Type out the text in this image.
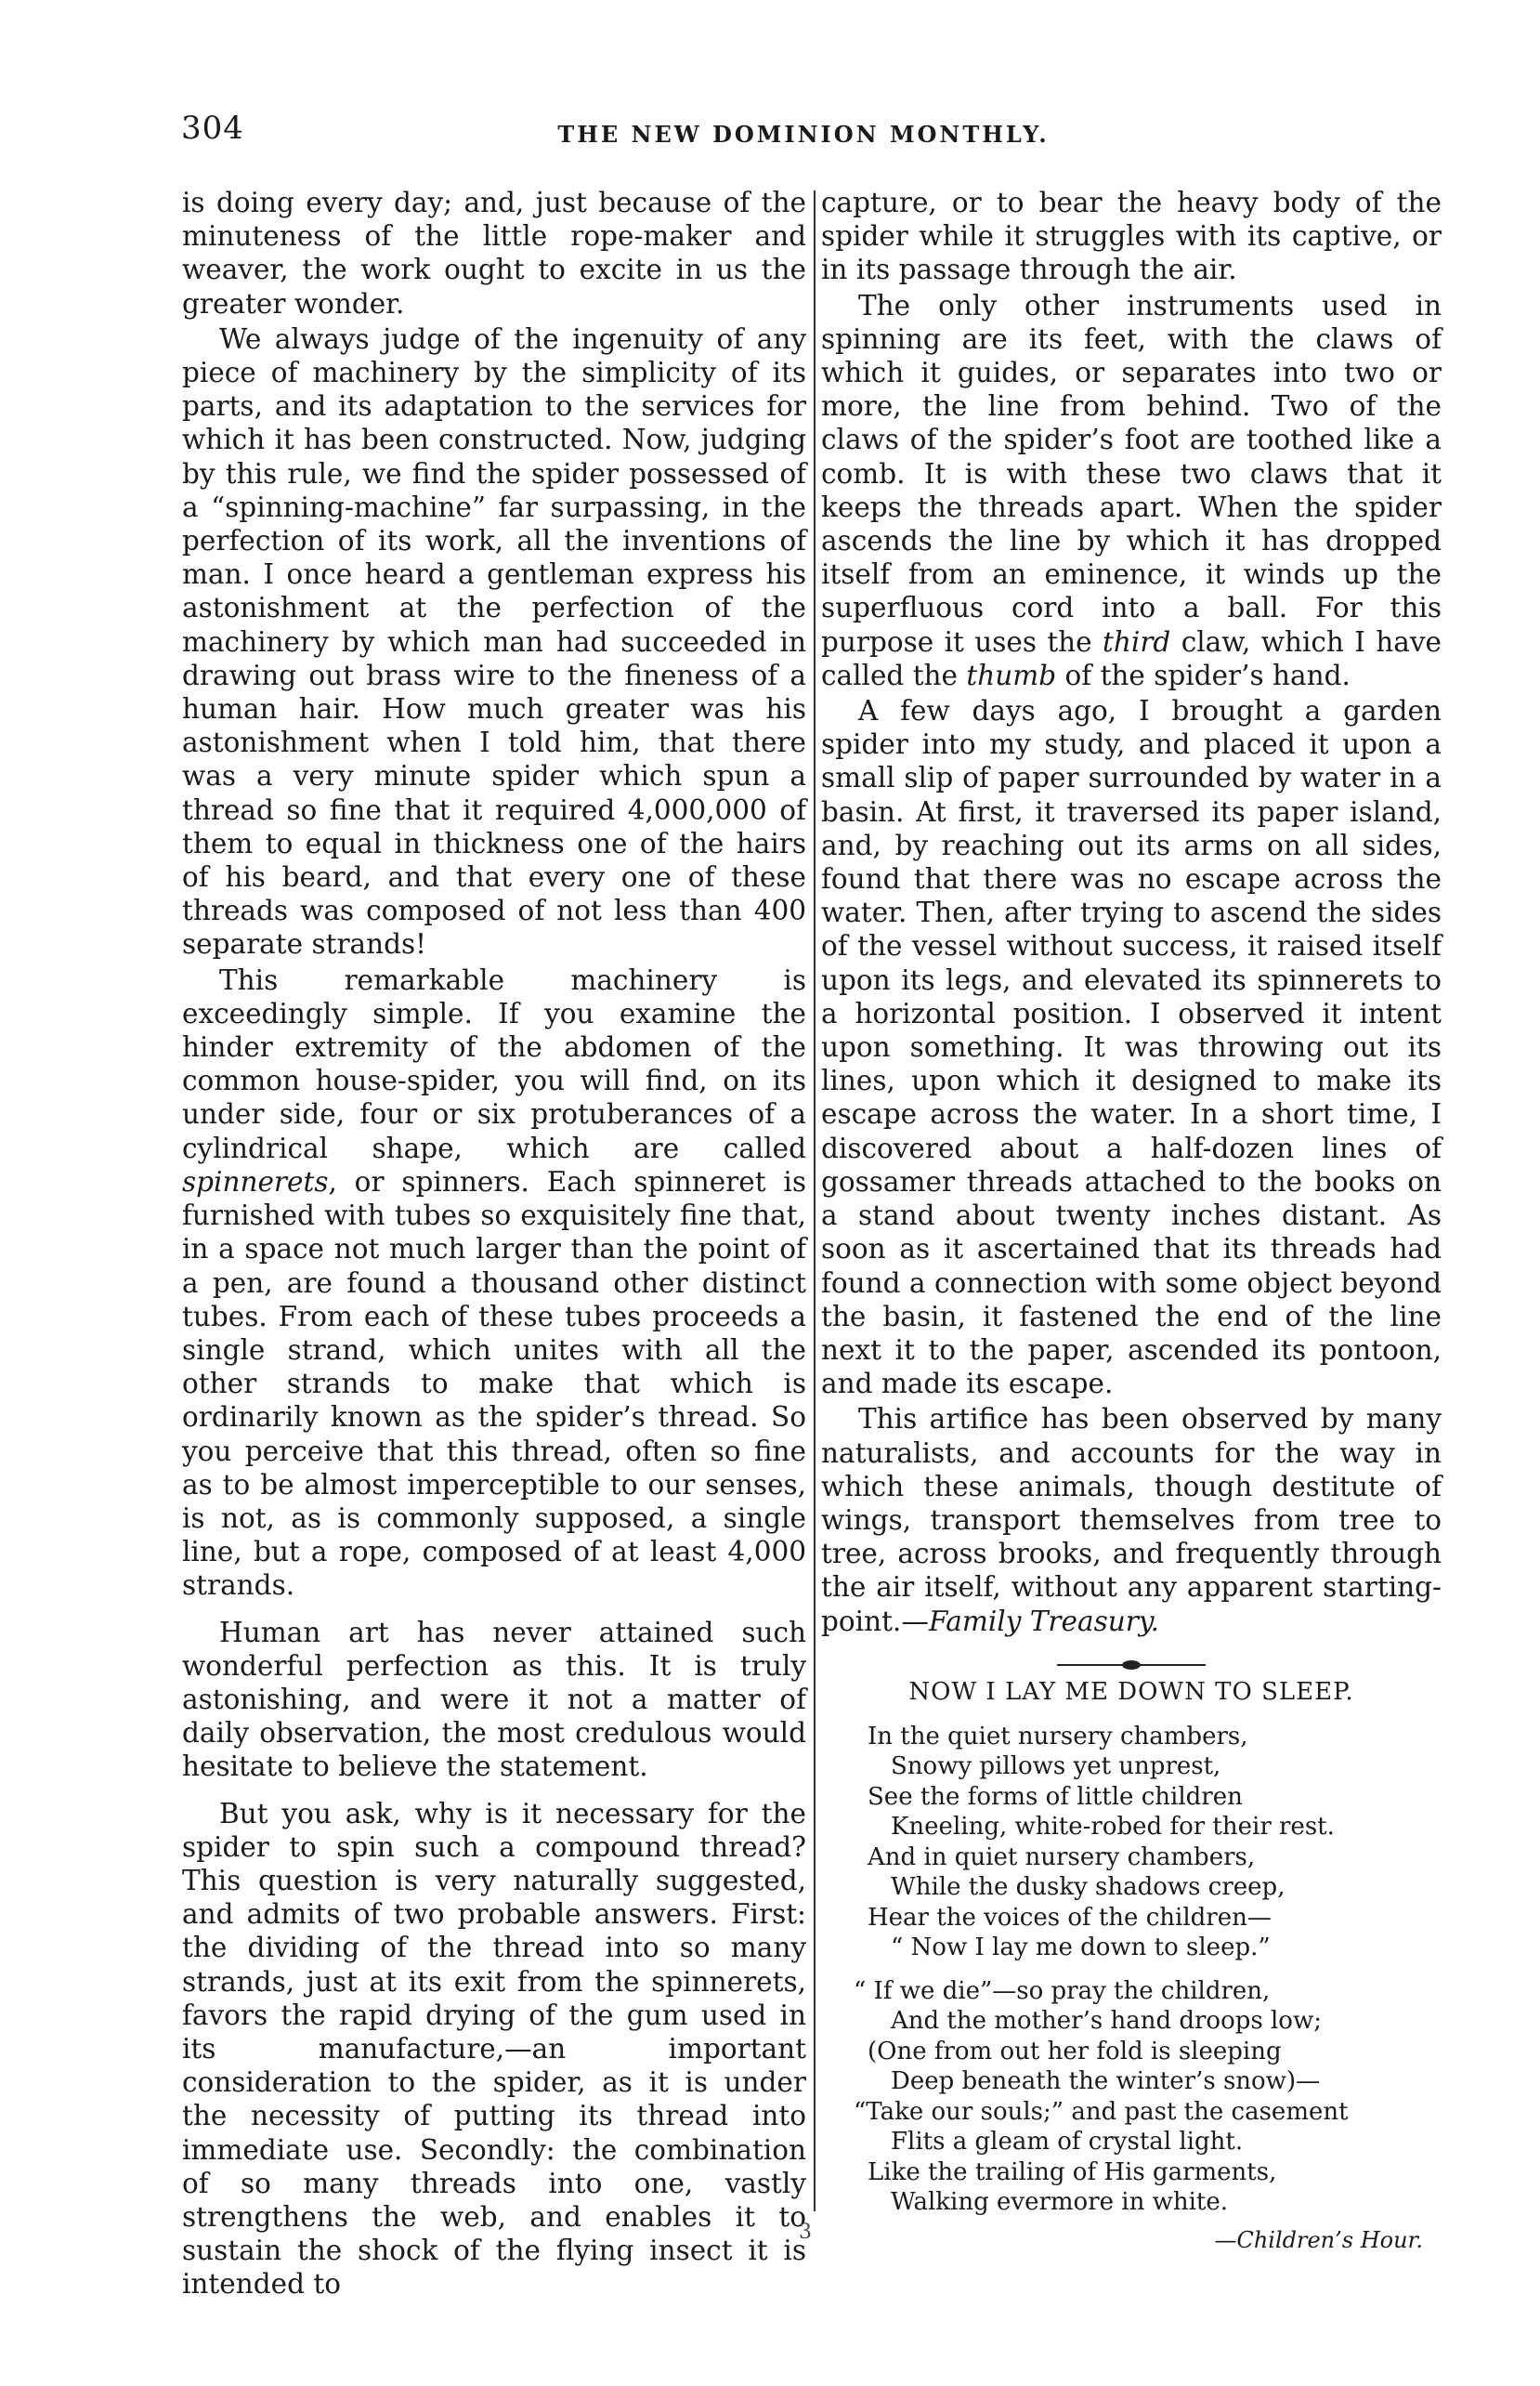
304	THE NEW DOMINION MONTHLY.

is doing every day; and, just because of the minuteness of the little rope-maker and weaver, the work ought to excite in us the greater wonder.

We always judge of the ingenuity of any piece of machinery by the simplicity of its parts, and its adaptation to the services for which it has been constructed. Now, judging by this rule, we find the spider possessed of a “spinning-machine” far surpassing, in the perfection of its work, all the inventions of man. I once heard a gentleman express his astonishment at the perfection of the machinery by which man had succeeded in drawing out brass wire to the fineness of a human hair. How much greater was his astonishment when I told him, that there was a very minute spider which spun a thread so fine that it required 4,000,000 of them to equal in thickness one of the hairs of his beard, and that every one of these threads was composed of not less than 400 separate strands!

This remarkable machinery is exceedingly simple. If you examine the hinder extremity of the abdomen of the common house-spider, you will find, on its under side, four or six protuberances of a cylindrical shape, which are called spinnerets, or spinners. Each spinneret is furnished with tubes so exquisitely fine that, in a space not much larger than the point of a pen, are found a thousand other distinct tubes. From each of these tubes proceeds a single strand, which unites with all the other strands to make that which is ordinarily known as the spider’s thread. So you perceive that this thread, often so fine as to be almost imperceptible to our senses, is not, as is commonly supposed, a single line, but a rope, composed of at least 4,000 strands.

Human art has never attained such wonderful perfection as this. It is truly astonishing, and were it not a matter of daily observation, the most credulous would hesitate to believe the statement.

But you ask, why is it necessary for the spider to spin such a compound thread? This question is very naturally suggested, and admits of two probable answers. First: the dividing of the thread into so many strands, just at its exit from the spinnerets, favors the rapid drying of the gum used in its manufacture,—an important consideration to the spider, as it is under the necessity of putting its thread into immediate use. Secondly: the combination of so many threads into one, vastly strengthens the web, and enables it to sustain the shock of the flying insect it is intended to

capture, or to bear the heavy body of the spider while it struggles with its captive, or in its passage through the air.

The only other instruments used in spinning are its feet, with the claws of which it guides, or separates into two or more, the line from behind. Two of the claws of the spider’s foot are toothed like a comb. It is with these two claws that it keeps the threads apart. When the spider ascends the line by which it has dropped itself from an eminence, it winds up the superfluous cord into a ball. For this purpose it uses the third claw, which I have called the thumb of the spider’s hand.

A few days ago, I brought a garden spider into my study, and placed it upon a small slip of paper surrounded by water in a basin. At first, it traversed its paper island, and, by reaching out its arms on all sides, found that there was no escape across the water. Then, after trying to ascend the sides of the vessel without success, it raised itself upon its legs, and elevated its spinnerets to a horizontal position. I observed it intent upon something. It was throwing out its lines, upon which it designed to make its escape across the water. In a short time, I discovered about a half-dozen lines of gossamer threads attached to the books on a stand about twenty inches distant. As soon as it ascertained that its threads had found a connection with some object beyond the basin, it fastened the end of the line next it to the paper, ascended its pontoon, and made its escape.

This artifice has been observed by many naturalists, and accounts for the way in which these animals, though destitute of wings, transport themselves from tree to tree, across brooks, and frequently through the air itself, without any apparent starting-point.—Family Treasury.

NOW I LAY ME DOWN TO SLEEP.
In the quiet nursery chambers,
Snowy pillows yet unprest,
See the forms of little children
Kneeling, white-robed for their rest.
And in quiet nursery chambers,
While the dusky shadows creep,
Hear the voices of the children—
“ Now I lay me down to sleep.”
“ If we die”—so pray the children,
And the mother’s hand droops low;
(One from out her fold is sleeping
Deep beneath the winter’s snow)—
“Take our souls;” and past the casement
Flits a gleam of crystal light.
Like the trailing of His garments,
Walking evermore in white.
—Children’s Hour.
3
